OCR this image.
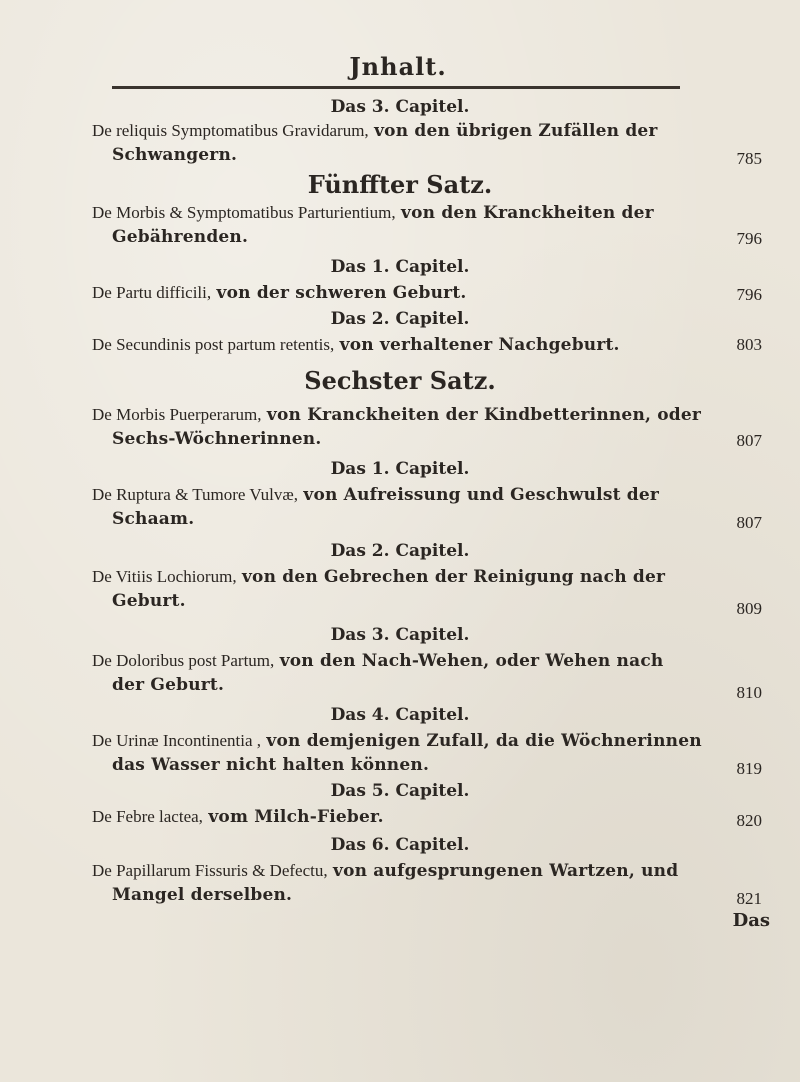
Jnhalt.
Das 3. Capitel.
De reliquis Symptomatibus Gravidarum, von den übrigen Zufällen der
Schwangern.	785
Fünffter Satz.
De Morbis & Symptomatibus Parturientium, von den Kranckheiten der
Gebährenden.	796
Das 1. Capitel.
De Partu difficili, von der schweren Geburt.	796
Das 2. Capitel.
De Secundinis post partum retentis, von verhaltener Nachgeburt.	803
Sechster Satz.
De Morbis Puerperarum, von Kranckheiten der Kindbetterinnen, oder
Sechs-Wöchnerinnen.	807
Das 1. Capitel.
De Ruptura & Tumore Vulvæ, von Aufreissung und Geschwulst der
Schaam.	807
Das 2. Capitel.
De Vitiis Lochiorum, von den Gebrechen der Reinigung nach der
Geburt.	809
Das 3. Capitel.
De Doloribus post Partum, von den Nach-Wehen, oder Wehen nach
der Geburt.	810
Das 4. Capitel.
De Urinæ Incontinentia , von demjenigen Zufall, da die Wöchnerinnen
das Wasser nicht halten können.	819
Das 5. Capitel.
De Febre lactea, vom Milch-Fieber.	820
Das 6. Capitel.
De Papillarum Fissuris & Defectu, von aufgesprungenen Wartzen, und
Mangel derselben.	821
Das
